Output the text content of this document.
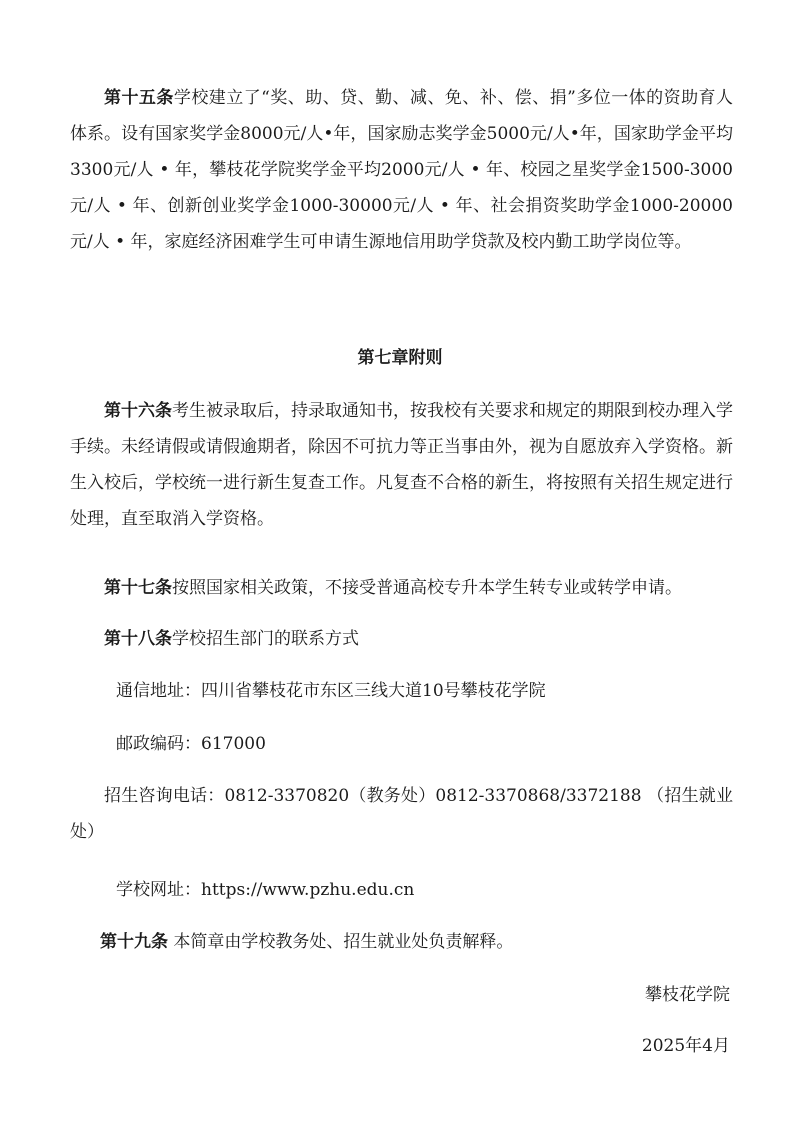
第十五条学校建立了“奖、助、贷、勤、减、免、补、偿、捐”多位一体的资助育人体系。设有国家奖学金8000元/人•年，国家励志奖学金5000元/人•年，国家助学金平均3300元/人 • 年，攀枝花学院奖学金平均2000元/人 • 年、校园之星奖学金1500-3000元/人 • 年、创新创业奖学金1000-30000元/人 • 年、社会捐资奖助学金1000-20000元/人 • 年，家庭经济困难学生可申请生源地信用助学贷款及校内勤工助学岗位等。

第七章附则

第十六条考生被录取后，持录取通知书，按我校有关要求和规定的期限到校办理入学手续。未经请假或请假逾期者，除因不可抗力等正当事由外，视为自愿放弃入学资格。新生入校后，学校统一进行新生复查工作。凡复查不合格的新生，将按照有关招生规定进行处理，直至取消入学资格。

第十七条按照国家相关政策，不接受普通高校专升本学生转专业或转学申请。

第十八条学校招生部门的联系方式

通信地址：四川省攀枝花市东区三线大道10号攀枝花学院

邮政编码：617000

招生咨询电话：0812-3370820（教务处）0812-3370868/3372188 （招生就业处）

学校网址：https://www.pzhu.edu.cn

第十九条 本简章由学校教务处、招生就业处负责解释。

攀枝花学院

2025年4月
